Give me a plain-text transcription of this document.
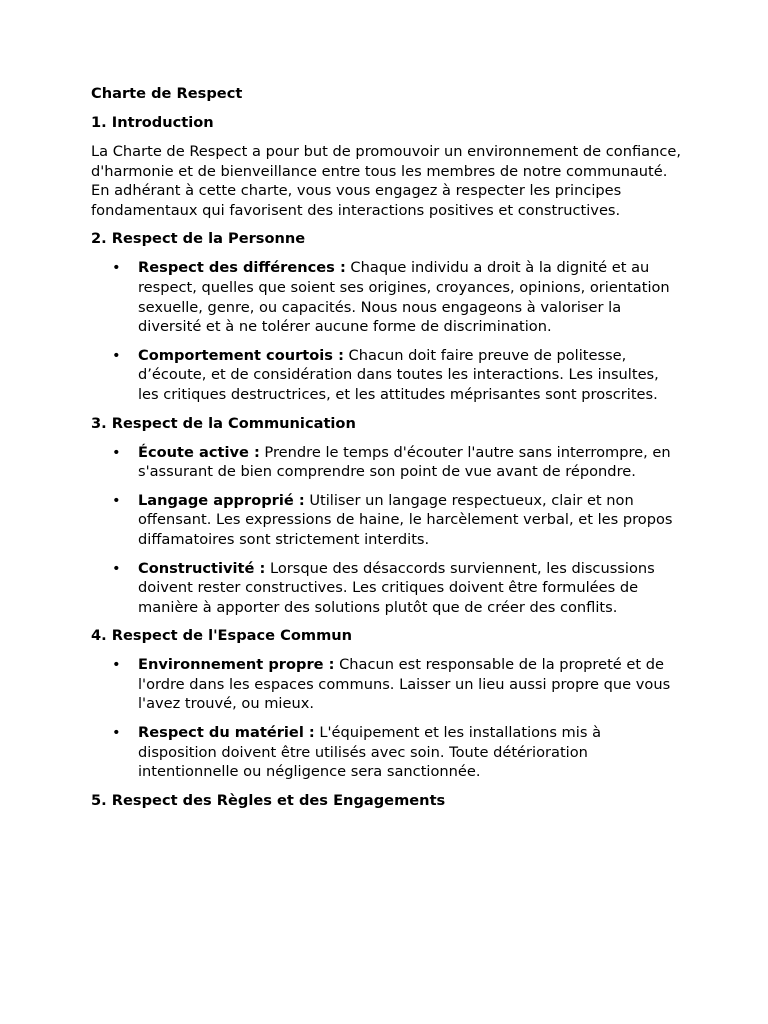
Charte de Respect
1. Introduction

La Charte de Respect a pour but de promouvoir un environnement de confiance, d'harmonie et de bienveillance entre tous les membres de notre communauté. En adhérant à cette charte, vous vous engagez à respecter les principes fondamentaux qui favorisent des interactions positives et constructives.

2. Respect de la Personne
• Respect des différences : Chaque individu a droit à la dignité et au respect, quelles que soient ses origines, croyances, opinions, orientation sexuelle, genre, ou capacités. Nous nous engageons à valoriser la diversité et à ne tolérer aucune forme de discrimination.
• Comportement courtois : Chacun doit faire preuve de politesse, d’écoute, et de considération dans toutes les interactions. Les insultes, les critiques destructrices, et les attitudes méprisantes sont proscrites.
3. Respect de la Communication
• Écoute active : Prendre le temps d'écouter l'autre sans interrompre, en s'assurant de bien comprendre son point de vue avant de répondre.
• Langage approprié : Utiliser un langage respectueux, clair et non offensant. Les expressions de haine, le harcèlement verbal, et les propos diffamatoires sont strictement interdits.
• Constructivité : Lorsque des désaccords surviennent, les discussions doivent rester constructives. Les critiques doivent être formulées de manière à apporter des solutions plutôt que de créer des conflits.
4. Respect de l'Espace Commun
• Environnement propre : Chacun est responsable de la propreté et de l'ordre dans les espaces communs. Laisser un lieu aussi propre que vous l'avez trouvé, ou mieux.
• Respect du matériel : L'équipement et les installations mis à disposition doivent être utilisés avec soin. Toute détérioration intentionnelle ou négligence sera sanctionnée.
5. Respect des Règles et des Engagements
